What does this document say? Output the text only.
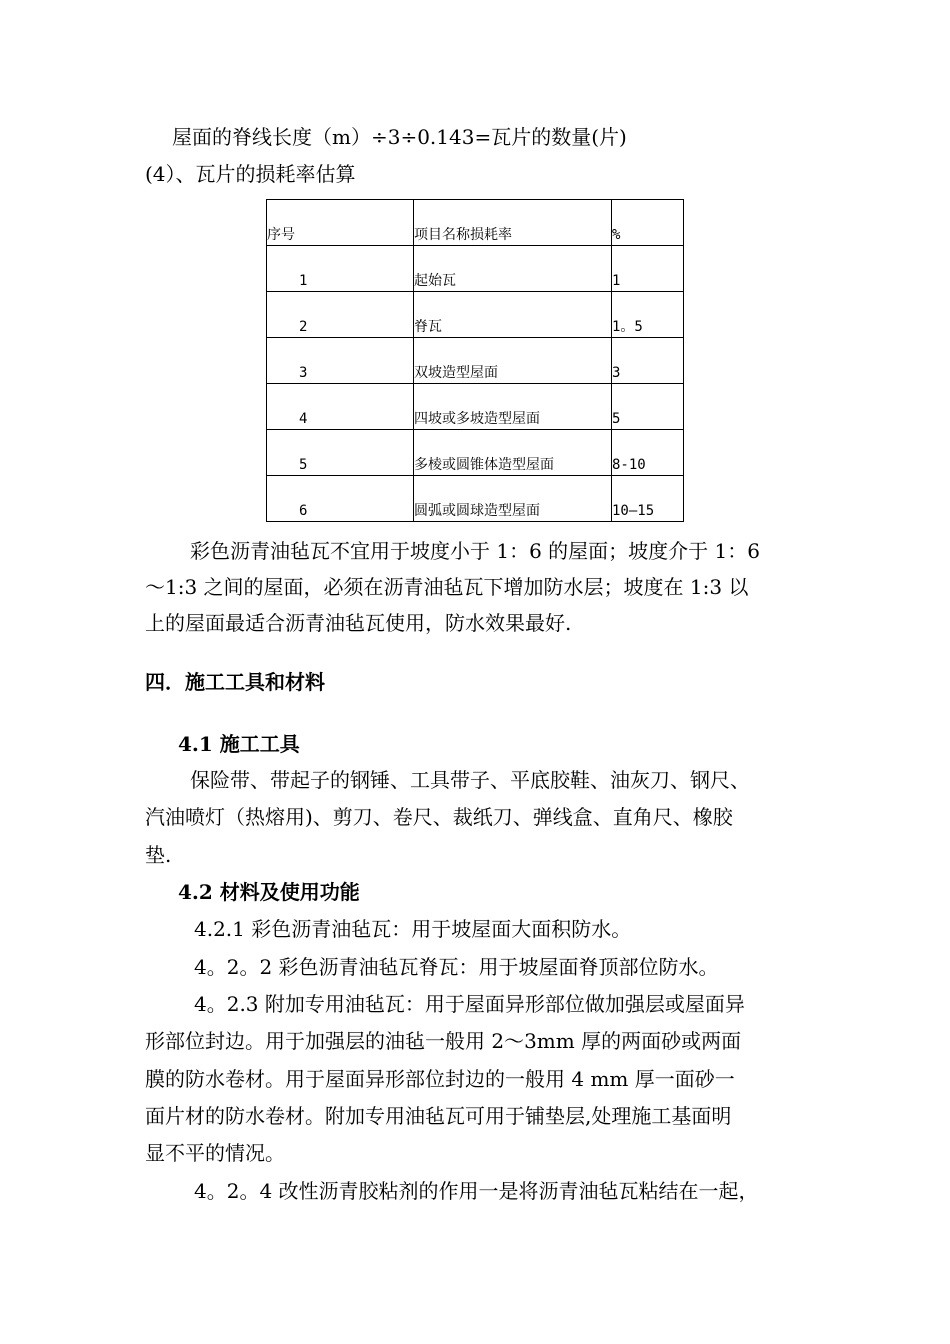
屋面的脊线长度（m）÷3÷0.143=瓦片的数量(片)
(4）、瓦片的损耗率估算
序号	项目名称损耗率	%
1	起始瓦	1
2	脊瓦	1。5
3	双坡造型屋面	3
4	四坡或多坡造型屋面	5
5	多棱或圆锥体造型屋面	8-10
6	圆弧或圆球造型屋面	10—15
彩色沥青油毡瓦不宜用于坡度小于 1：6 的屋面；坡度介于 1：6
～1:3 之间的屋面，必须在沥青油毡瓦下增加防水层；坡度在 1:3 以
上的屋面最适合沥青油毡瓦使用，防水效果最好.
四．施工工具和材料
4.1 施工工具
保险带、带起子的钢锤、工具带子、平底胶鞋、油灰刀、钢尺、
汽油喷灯（热熔用)、剪刀、卷尺、裁纸刀、弹线盒、直角尺、橡胶
垫.
4.2 材料及使用功能
4.2.1 彩色沥青油毡瓦：用于坡屋面大面积防水。
4。2。2 彩色沥青油毡瓦脊瓦：用于坡屋面脊顶部位防水。
4。2.3 附加专用油毡瓦：用于屋面异形部位做加强层或屋面异
形部位封边。用于加强层的油毡一般用 2～3mm 厚的两面砂或两面
膜的防水卷材。用于屋面异形部位封边的一般用 4 mm 厚一面砂一
面片材的防水卷材。附加专用油毡瓦可用于铺垫层,处理施工基面明
显不平的情况。
4。2。4 改性沥青胶粘剂的作用一是将沥青油毡瓦粘结在一起，
